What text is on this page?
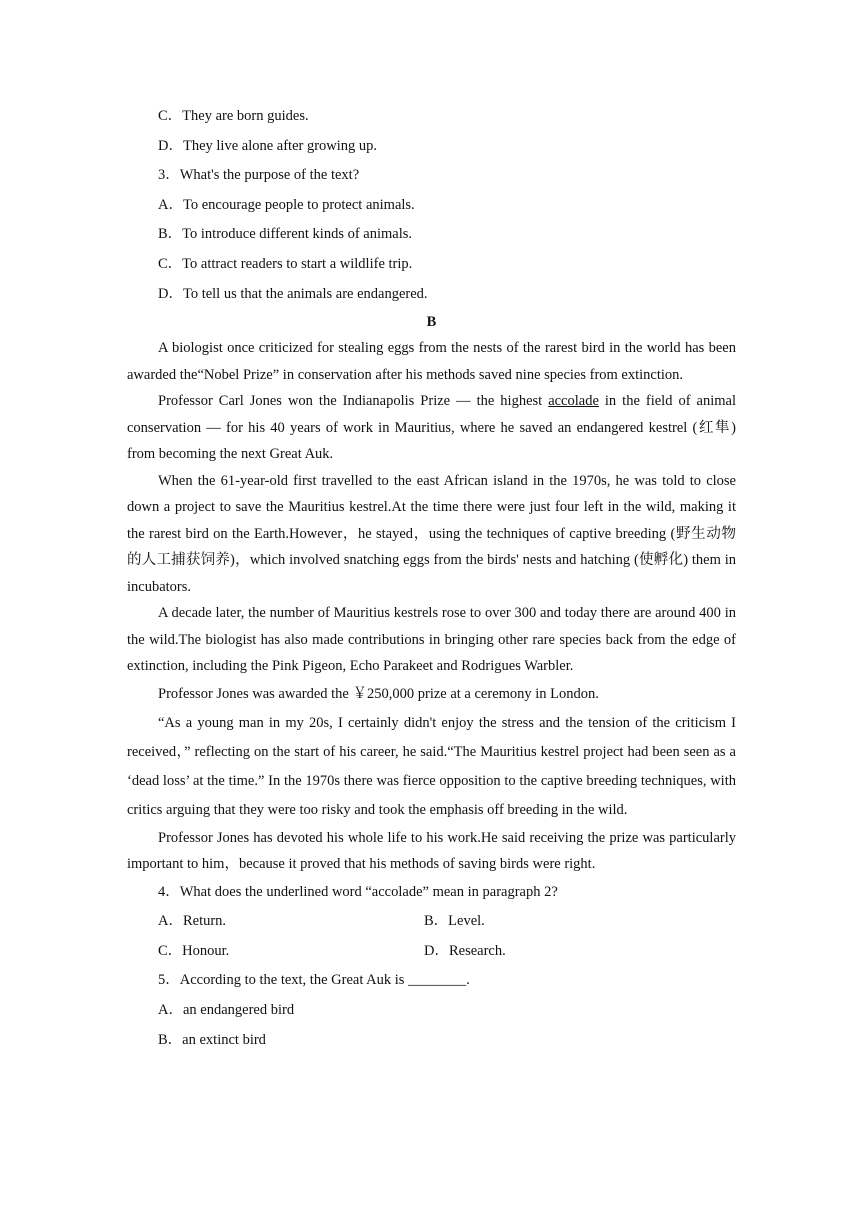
C．They are born guides.
D．They live alone after growing up.
3．What's the purpose of the text?
A．To encourage people to protect animals.
B．To introduce different kinds of animals.
C．To attract readers to start a wildlife trip.
D．To tell us that the animals are endangered.
B

A biologist once criticized for stealing eggs from the nests of the rarest bird in the world has been awarded the“Nobel Prize” in conservation after his methods saved nine species from extinction.

Professor Carl Jones won the Indianapolis Prize — the highest accolade in the field of animal conservation — for his 40 years of work in Mauritius, where he saved an endangered kestrel (红隼) from becoming the next Great Auk.

When the 61-year-old first travelled to the east African island in the 1970s, he was told to close down a project to save the Mauritius kestrel.At the time there were just four left in the wild, making it the rarest bird on the Earth.However，he stayed，using the techniques of captive breeding (野生动物的人工捕获饲养)，which involved snatching eggs from the birds' nests and hatching (使孵化) them in incubators.

A decade later, the number of Mauritius kestrels rose to over 300 and today there are around 400 in the wild.The biologist has also made contributions in bringing other rare species back from the edge of extinction, including the Pink Pigeon, Echo Parakeet and Rodrigues Warbler.

Professor Jones was awarded the ￥250,000 prize at a ceremony in London.

“As a young man in my 20s, I certainly didn't enjoy the stress and the tension of the criticism I received，” reflecting on the start of his career, he said.“The Mauritius kestrel project had been seen as a ‘dead loss’ at the time.” In the 1970s there was fierce opposition to the captive breeding techniques, with critics arguing that they were too risky and took the emphasis off breeding in the wild.

Professor Jones has devoted his whole life to his work.He said receiving the prize was particularly important to him，because it proved that his methods of saving birds were right.

4．What does the underlined word “accolade” mean in paragraph 2?
A．Return.	B．Level.
C．Honour.	D．Research.
5．According to the text, the Great Auk is ________.
A．an endangered bird
B．an extinct bird
